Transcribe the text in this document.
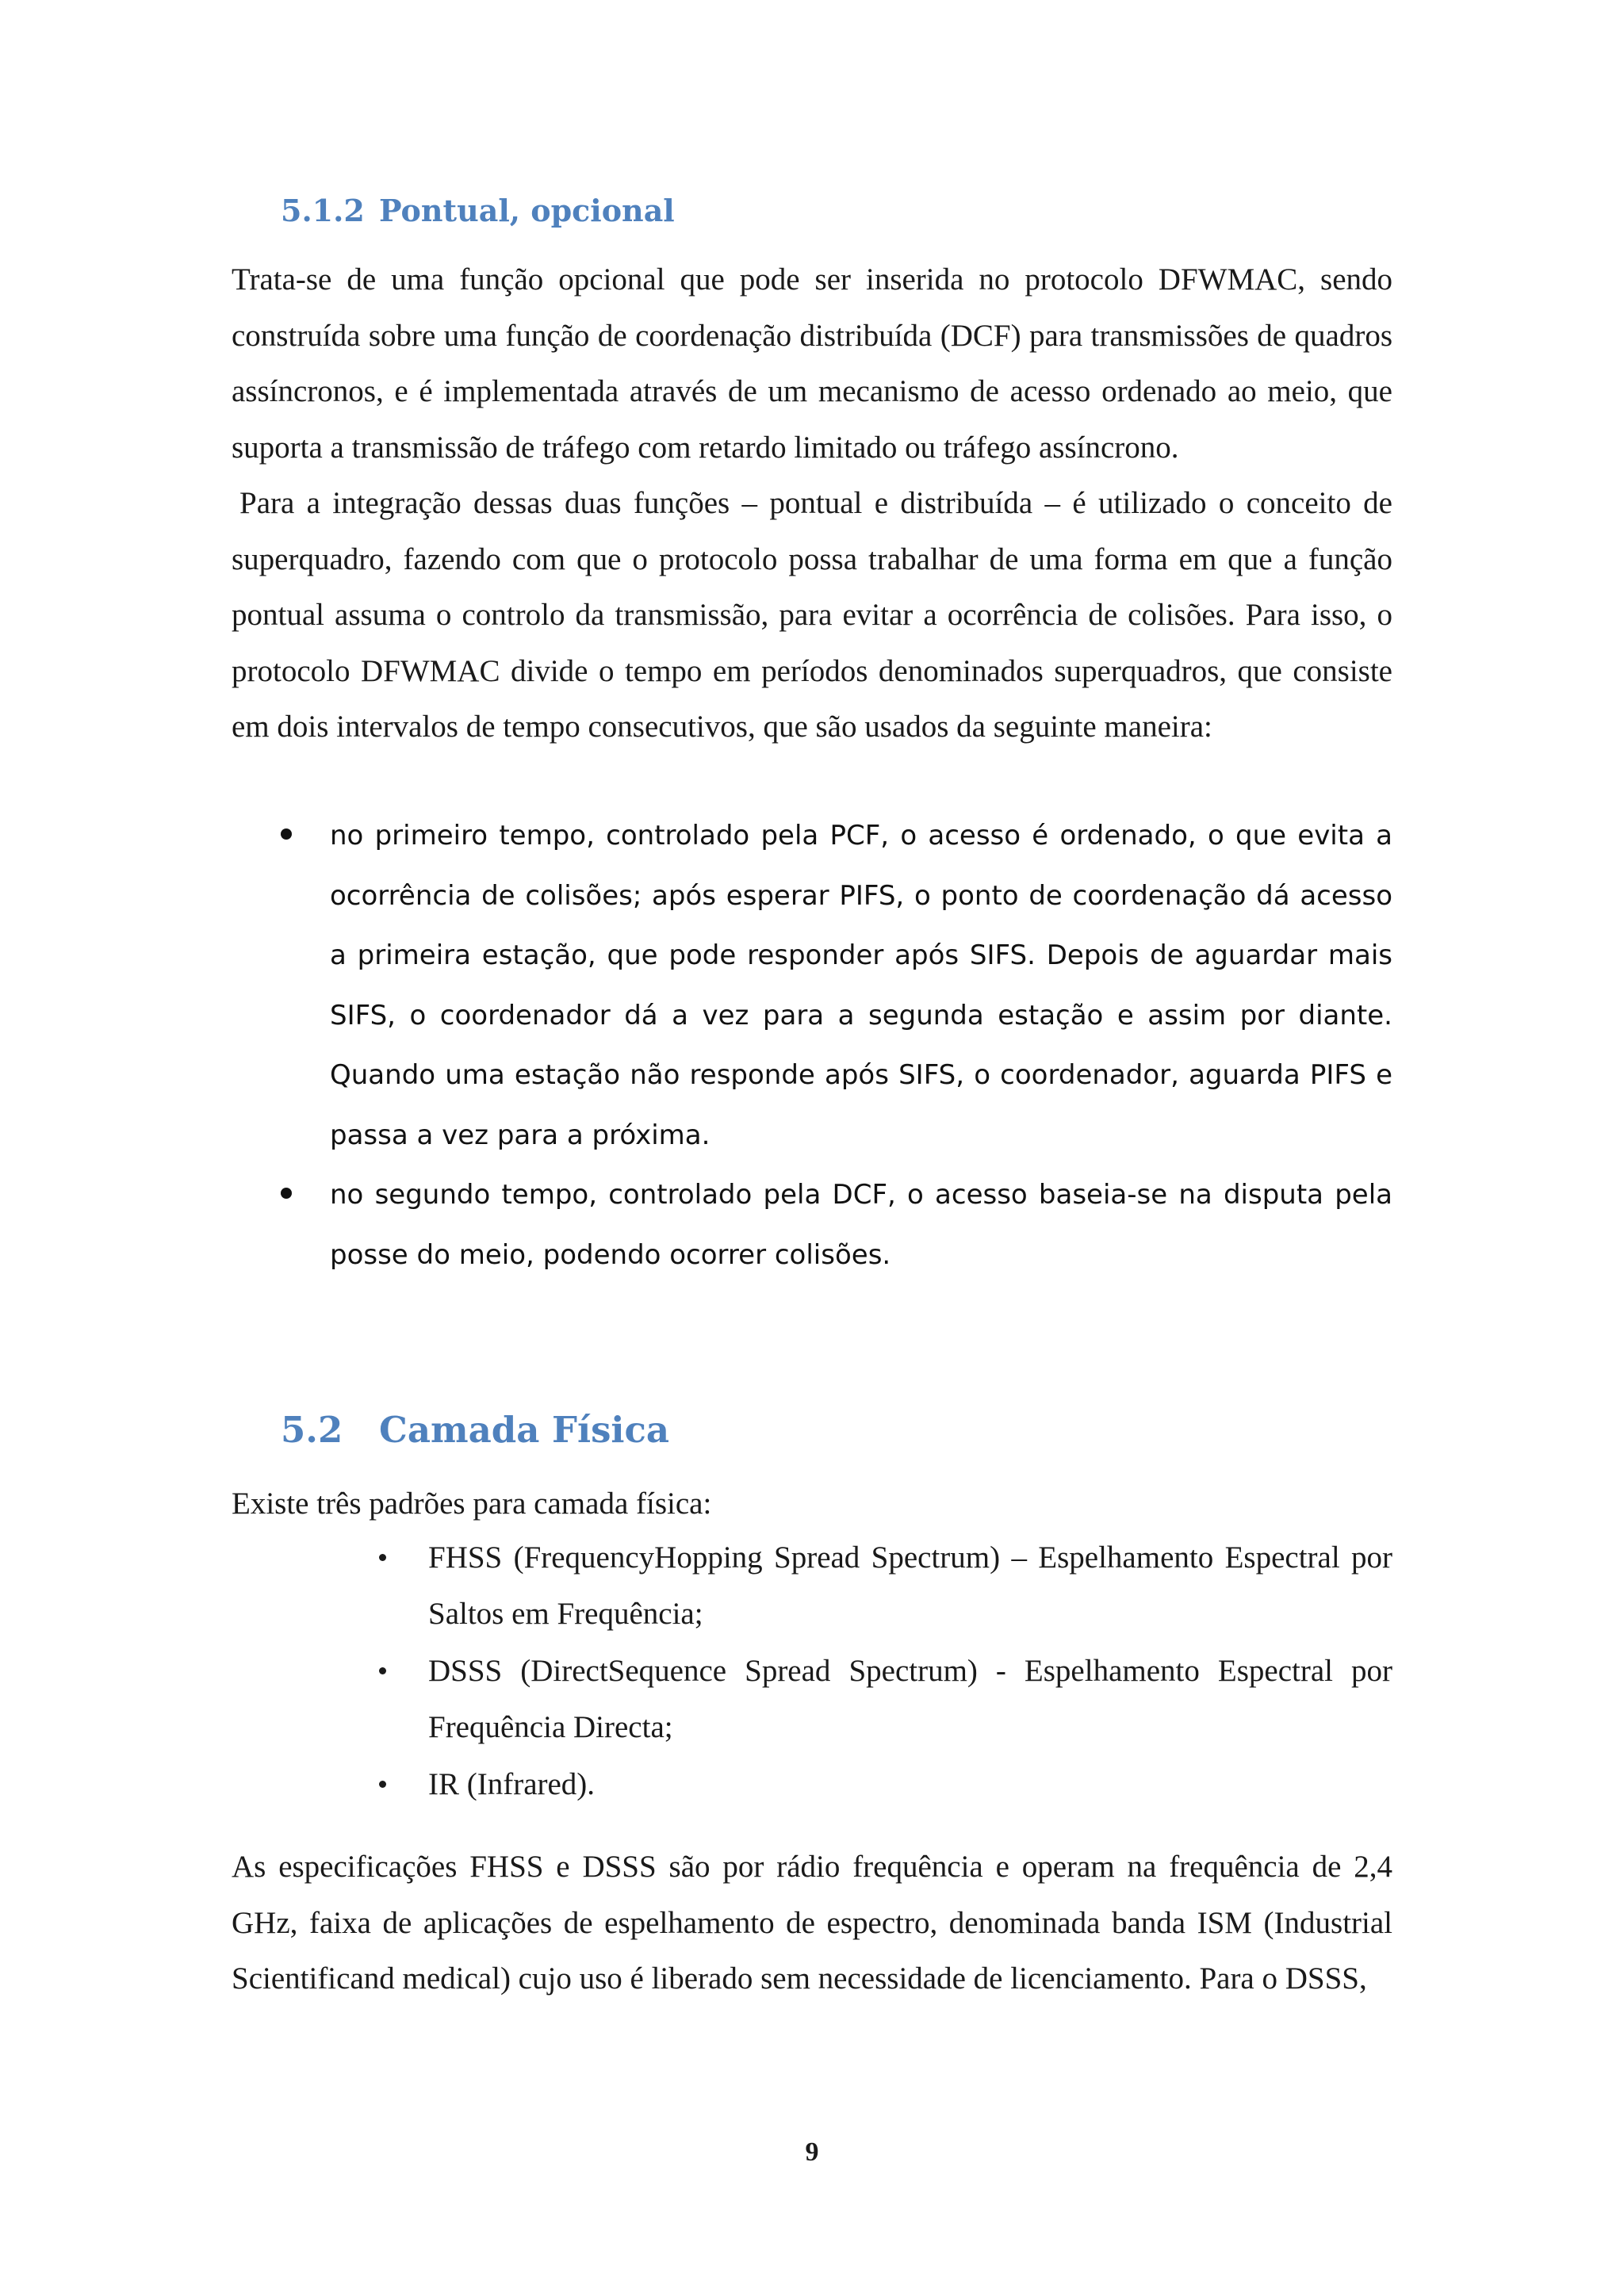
5.1.2 Pontual, opcional

Trata-se de uma função opcional que pode ser inserida no protocolo DFWMAC, sendo construída sobre uma função de coordenação distribuída (DCF) para transmissões de quadros assíncronos, e é implementada através de um mecanismo de acesso ordenado ao meio, que suporta a transmissão de tráfego com retardo limitado ou tráfego assíncrono.

Para a integração dessas duas funções – pontual e distribuída – é utilizado o conceito de superquadro, fazendo com que o protocolo possa trabalhar de uma forma em que a função pontual assuma o controlo da transmissão, para evitar a ocorrência de colisões. Para isso, o protocolo DFWMAC divide o tempo em períodos denominados superquadros, que consiste em dois intervalos de tempo consecutivos, que são usados da seguinte maneira:

no primeiro tempo, controlado pela PCF, o acesso é ordenado, o que evita a ocorrência de colisões; após esperar PIFS, o ponto de coordenação dá acesso a primeira estação, que pode responder após SIFS. Depois de aguardar mais SIFS, o coordenador dá a vez para a segunda estação e assim por diante. Quando uma estação não responde após SIFS, o coordenador, aguarda PIFS e passa a vez para a próxima.
no segundo tempo, controlado pela DCF, o acesso baseia-se na disputa pela posse do meio, podendo ocorrer colisões.
5.2 Camada Física

Existe três padrões para camada física:

FHSS (FrequencyHopping Spread Spectrum) – Espelhamento Espectral por Saltos em Frequência;
DSSS (DirectSequence Spread Spectrum) - Espelhamento Espectral por Frequência Directa;
IR (Infrared).

As especificações FHSS e DSSS são por rádio frequência e operam na frequência de 2,4 GHz, faixa de aplicações de espelhamento de espectro, denominada banda ISM (Industrial Scientificand medical) cujo uso é liberado sem necessidade de licenciamento. Para o DSSS,

9
